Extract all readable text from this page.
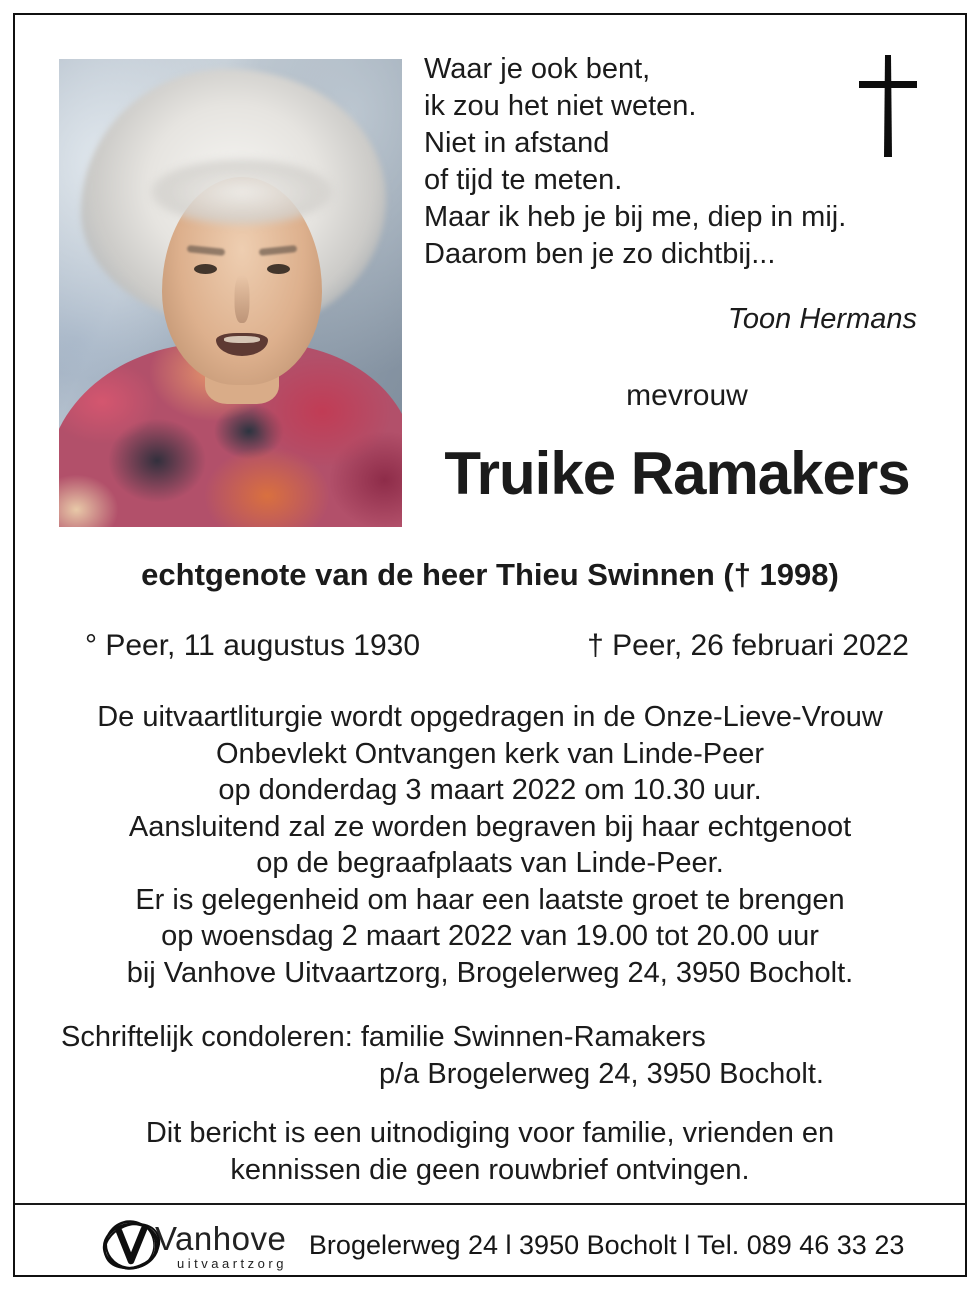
Waar je ook bent,
ik zou het niet weten.
Niet in afstand
of tijd te meten.
Maar ik heb je bij me, diep in mij.
Daarom ben je zo dichtbij...
Toon Hermans
mevrouw
Truike Ramakers
echtgenote van de heer Thieu Swinnen († 1998)
° Peer, 11 augustus 1930	† Peer, 26 februari 2022
De uitvaartliturgie wordt opgedragen in de Onze-Lieve-Vrouw
Onbevlekt Ontvangen kerk van Linde-Peer
op donderdag 3 maart 2022 om 10.30 uur.
Aansluitend zal ze worden begraven bij haar echtgenoot
op de begraafplaats van Linde-Peer.
Er is gelegenheid om haar een laatste groet te brengen
op woensdag 2 maart 2022 van 19.00 tot 20.00 uur
bij Vanhove Uitvaartzorg, Brogelerweg 24, 3950 Bocholt.
Schriftelijk condoleren: familie Swinnen-Ramakers
p/a Brogelerweg 24, 3950 Bocholt.
Dit bericht is een uitnodiging voor familie, vrienden en
kennissen die geen rouwbrief ontvingen.
Vanhove
uitvaartzorg
Brogelerweg 24 l 3950 Bocholt l Tel. 089 46 33 23
